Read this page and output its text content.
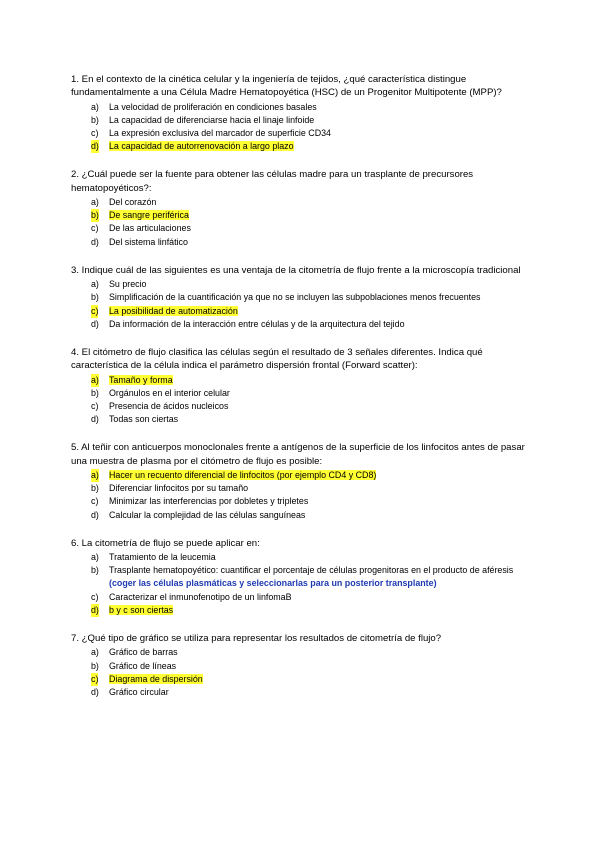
1. En el contexto de la cinética celular y la ingeniería de tejidos, ¿qué característica distingue fundamentalmente a una Célula Madre Hematopoyética (HSC) de un Progenitor Multipotente (MPP)?

a) La velocidad de proliferación en condiciones basales
b) La capacidad de diferenciarse hacia el linaje linfoide
c) La expresión exclusiva del marcador de superficie CD34
d) La capacidad de autorrenovación a largo plazo

2. ¿Cuál puede ser la fuente para obtener las células madre para un trasplante de precursores hematopoyéticos?:

a) Del corazón
b) De sangre periférica
c) De las articulaciones
d) Del sistema linfático

3. Indique cuál de las siguientes es una ventaja de la citometría de flujo frente a la microscopía tradicional

a) Su precio
b) Simplificación de la cuantificación ya que no se incluyen las subpoblaciones menos frecuentes
c) La posibilidad de automatización
d) Da información de la interacción entre células y de la arquitectura del tejido

4. El citómetro de flujo clasifica las células según el resultado de 3 señales diferentes. Indica qué característica de la célula indica el parámetro dispersión frontal (Forward scatter):

a) Tamaño y forma
b) Orgánulos en el interior celular
c) Presencia de ácidos nucleicos
d) Todas son ciertas

5. Al teñir con anticuerpos monoclonales frente a antígenos de la superficie de los linfocitos antes de pasar una muestra de plasma por el citómetro de flujo es posible:

a) Hacer un recuento diferencial de linfocitos (por ejemplo CD4 y CD8)
b) Diferenciar linfocitos por su tamaño
c) Minimizar las interferencias por dobletes y tripletes
d) Calcular la complejidad de las células sanguíneas

6. La citometría de flujo se puede aplicar en:

a) Tratamiento de la leucemia
b) Trasplante hematopoyético: cuantificar el porcentaje de células progenitoras en el producto de aféresis (coger las células plasmáticas y seleccionarlas para un posterior transplante)
c) Caracterizar el inmunofenotipo de un linfomaB
d) b y c son ciertas

7. ¿Qué tipo de gráfico se utiliza para representar los resultados de citometría de flujo?

a) Gráfico de barras
b) Gráfico de líneas
c) Diagrama de dispersión
d) Gráfico circular
